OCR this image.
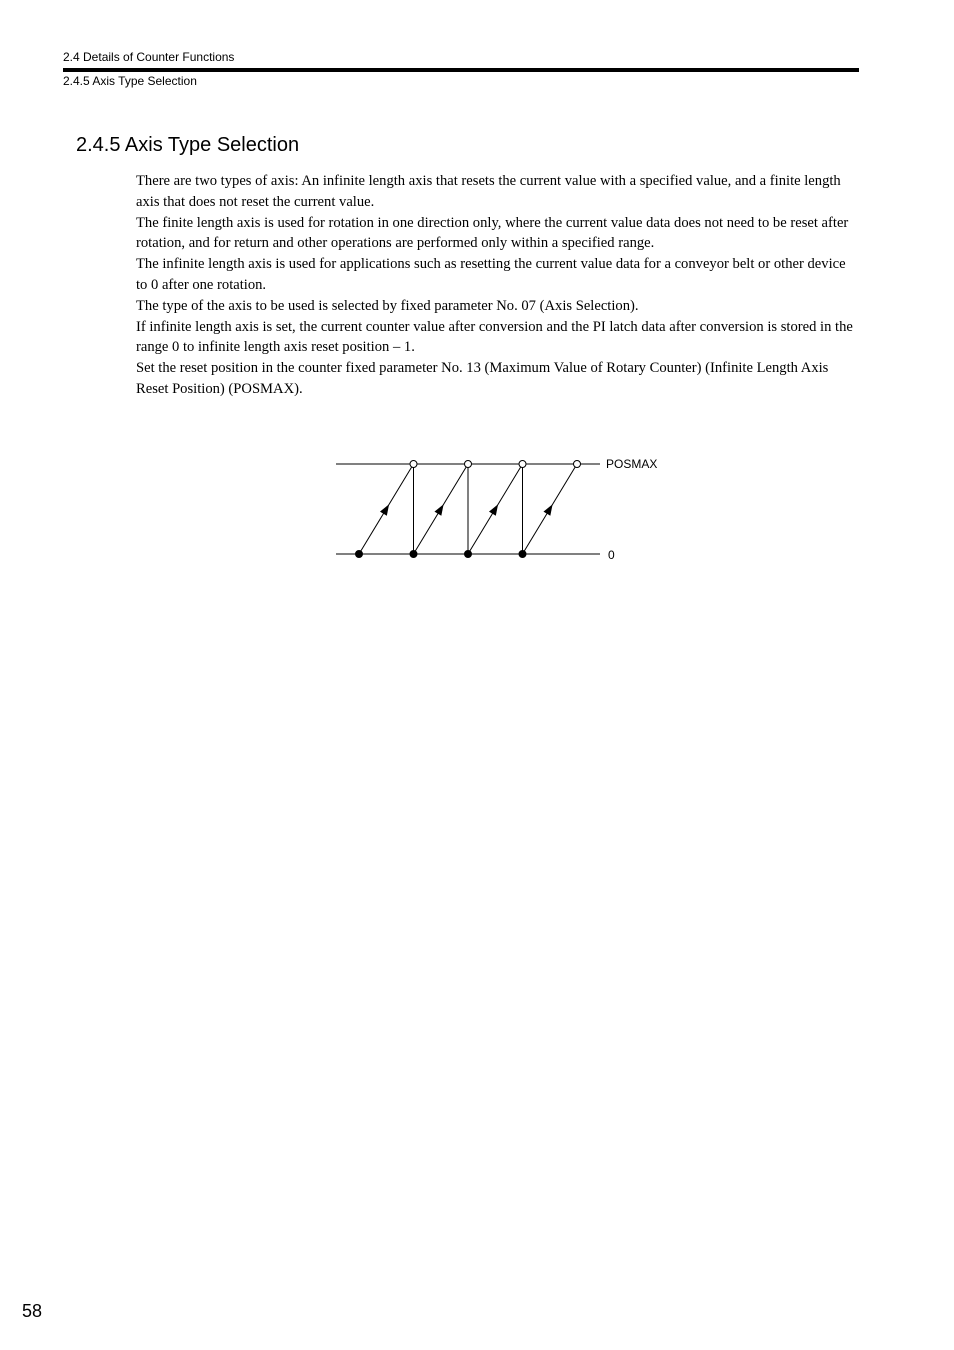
2.4 Details of Counter Functions
2.4.5 Axis Type Selection
2.4.5 Axis Type Selection

There are two types of axis: An infinite length axis that resets the current value with a specified value, and a finite length axis that does not reset the current value.

The finite length axis is used for rotation in one direction only, where the current value data does not need to be reset after rotation, and for return and other operations are performed only within a specified range.

The infinite length axis is used for applications such as resetting the current value data for a conveyor belt or other device to 0 after one rotation.

The type of the axis to be used is selected by fixed parameter No. 07 (Axis Selection).

If infinite length axis is set, the current counter value after conversion and the PI latch data after conversion is stored in the range 0 to infinite length axis reset position – 1.

Set the reset position in the counter fixed parameter No. 13 (Maximum Value of Rotary Counter) (Infinite Length Axis Reset Position) (POSMAX).

POSMAX
0
58
